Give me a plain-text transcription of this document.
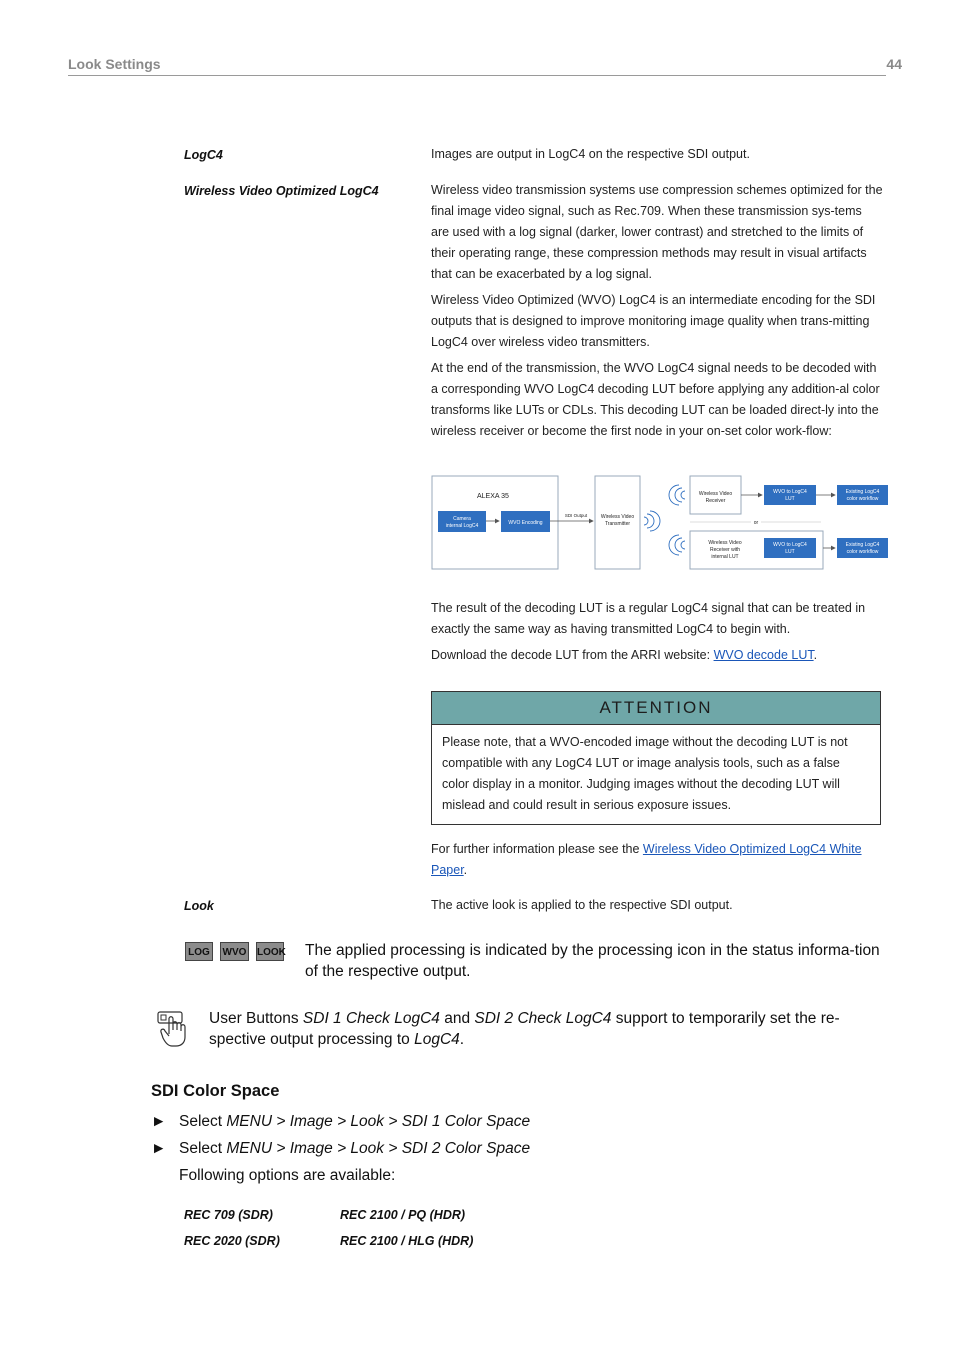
Look Settings	44
LogC4	Images are output in LogC4 on the respective SDI output.

Wireless Video Optimized LogC4	Wireless video transmission systems use compression schemes optimized for the final image video signal, such as Rec.709. When these transmission sys-tems are used with a log signal (darker, lower contrast) and stretched to the limits of their operating range, these compression methods may result in visual artifacts that can be exacerbated by a log signal.

Wireless Video Optimized (WVO) LogC4 is an intermediate encoding for the SDI outputs that is designed to improve monitoring image quality when trans-mitting LogC4 over wireless video transmitters.

At the end of the transmission, the WVO LogC4 signal needs to be decoded with a corresponding WVO LogC4 decoding LUT before applying any addition-al color transforms like LUTs or CDLs. This decoding LUT can be loaded direct-ly into the wireless receiver or become the first node in your on-set color work-flow:

ALEXA 35
Camera
internal LogC4	WVO Encoding
SDI Output	Wireless Video
Transmitter
Wireless Video
Receiver
WVO to LogC4
LUT
Existing LogC4
color workflow
or
Wireless Video
Receiver with
internal LUT
WVO to LogC4
LUT
Existing LogC4
color workflow

The result of the decoding LUT is a regular LogC4 signal that can be treated in exactly the same way as having transmitted LogC4 to begin with.

Download the decode LUT from the ARRI website: WVO decode LUT.

ATTENTION
Please note, that a WVO-encoded image without the decoding LUT is not compatible with any LogC4 LUT or image analysis tools, such as a false color display in a monitor. Judging images without the decoding LUT will mislead and could result in serious exposure issues.

For further information please see the Wireless Video Optimized LogC4 White Paper.

Look	The active look is applied to the respective SDI output.

LOG	WVO LOOK The applied processing is indicated by the processing icon in the status informa-tion of the respective output.
User Buttons SDI 1 Check LogC4 and SDI 2 Check LogC4 support to temporarily set the re-spective output processing to LogC4.
SDI Color Space
► Select MENU > Image > Look > SDI 1 Color Space
► Select MENU > Image > Look > SDI 2 Color Space
Following options are available:
REC 709 (SDR)	REC 2100 / PQ (HDR)
REC 2020 (SDR)	REC 2100 / HLG (HDR)
